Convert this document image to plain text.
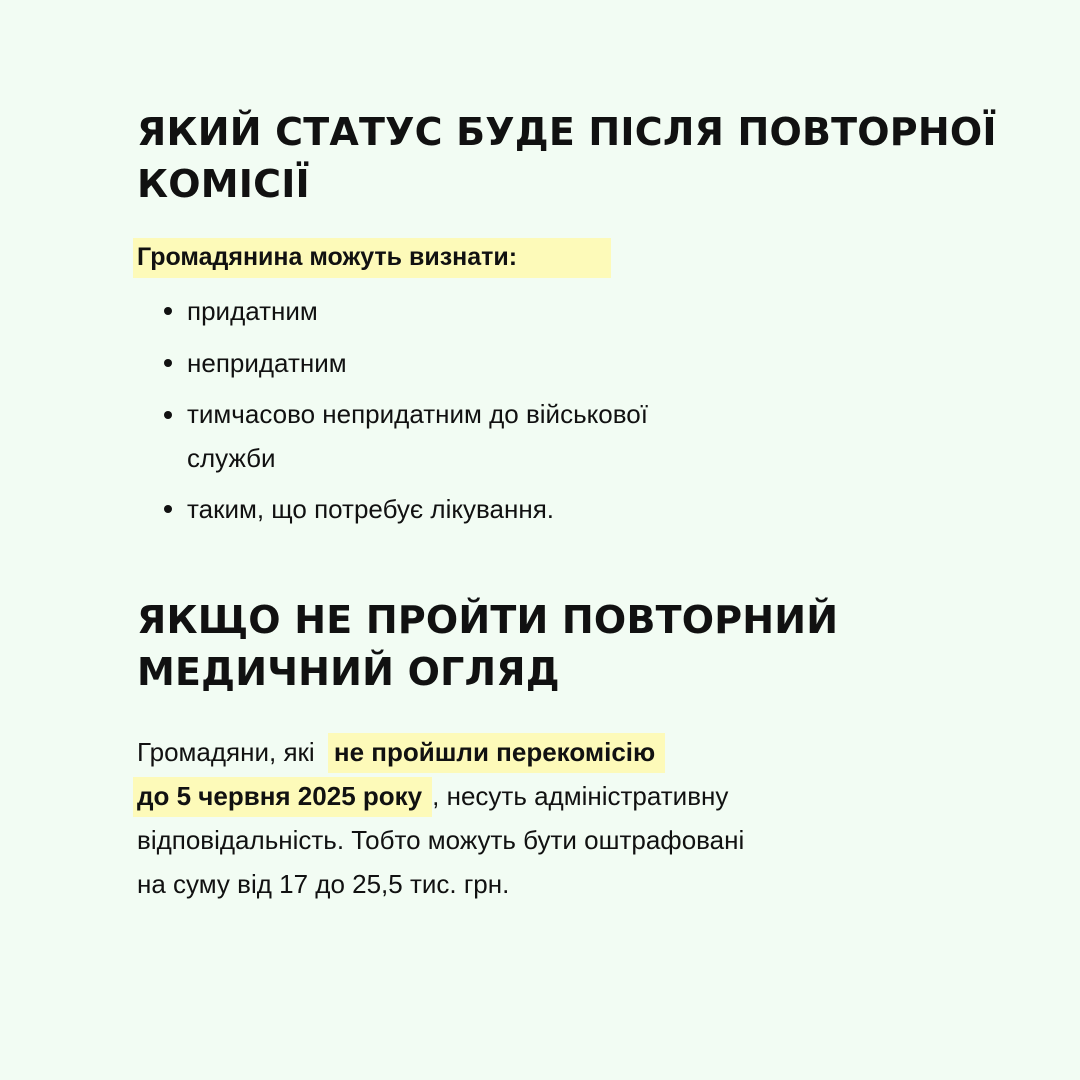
ЯКИЙ СТАТУС БУДЕ ПІСЛЯ ПОВТОРНОЇ
КОМІСІЇ
Громадянина можуть визнати:
придатним
непридатним
тимчасово непридатним до військової
служби
таким, що потребує лікування.
ЯКЩО НЕ ПРОЙТИ ПОВТОРНИЙ
МЕДИЧНИЙ ОГЛЯД
Громадяни, які не пройшли перекомісію
до 5 червня 2025 року , несуть адміністративну
відповідальність. Тобто можуть бути оштрафовані
на суму від 17 до 25,5 тис. грн.
